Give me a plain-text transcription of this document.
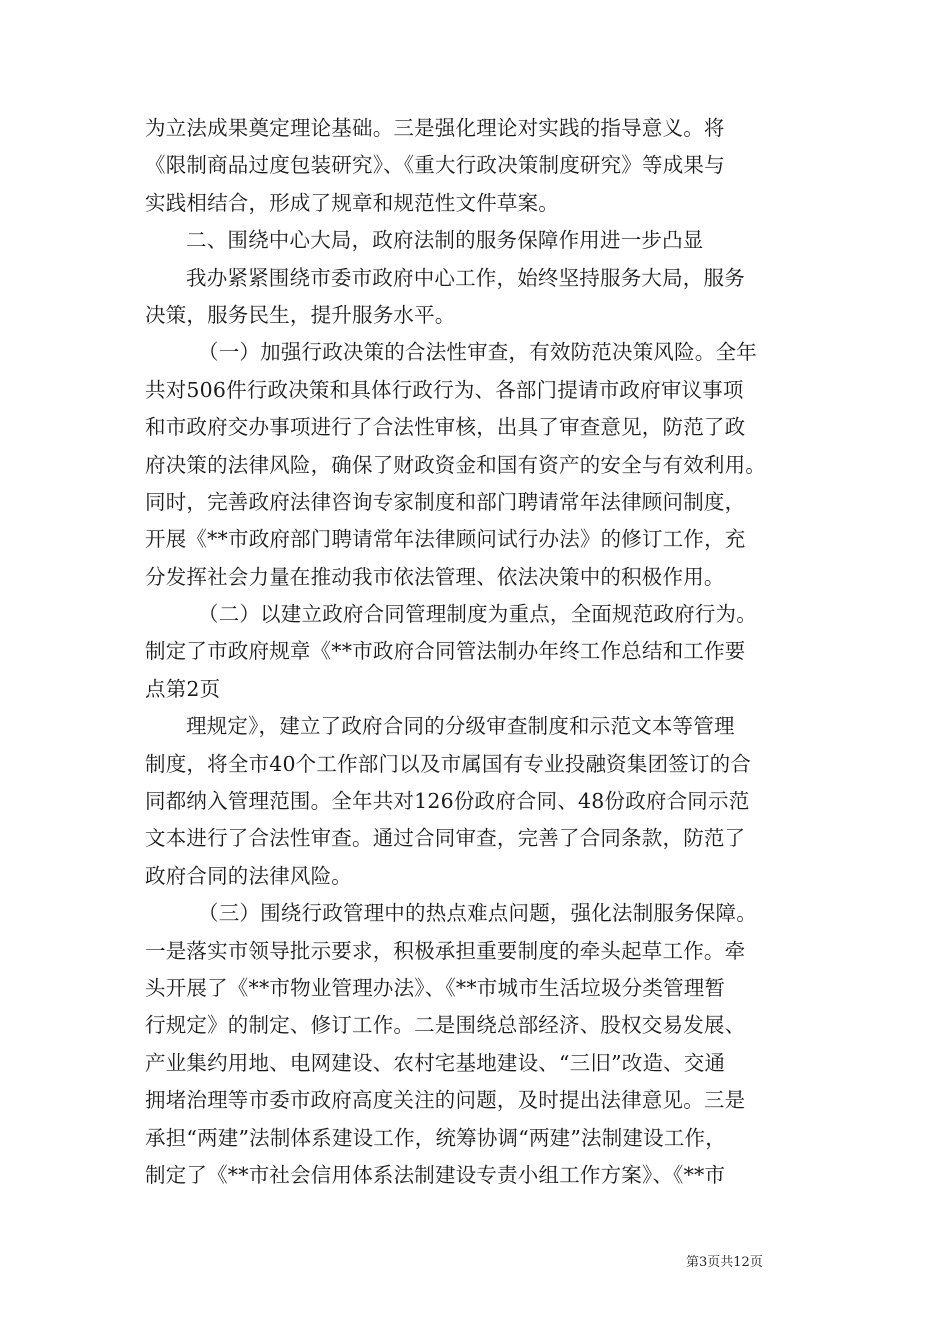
为立法成果奠定理论基础。三是强化理论对实践的指导意义。将
《限制商品过度包装研究》、《重大行政决策制度研究》等成果与
实践相结合，形成了规章和规范性文件草案。
二、围绕中心大局，政府法制的服务保障作用进一步凸显
我办紧紧围绕市委市政府中心工作，始终坚持服务大局，服务
决策，服务民生，提升服务水平。
（一）加强行政决策的合法性审查，有效防范决策风险。全年
共对506件行政决策和具体行政行为、各部门提请市政府审议事项
和市政府交办事项进行了合法性审核，出具了审查意见，防范了政
府决策的法律风险，确保了财政资金和国有资产的安全与有效利用。
同时，完善政府法律咨询专家制度和部门聘请常年法律顾问制度，
开展《**市政府部门聘请常年法律顾问试行办法》的修订工作，充
分发挥社会力量在推动我市依法管理、依法决策中的积极作用。
（二）以建立政府合同管理制度为重点，全面规范政府行为。
制定了市政府规章《**市政府合同管法制办年终工作总结和工作要
点第2页
理规定》，建立了政府合同的分级审查制度和示范文本等管理
制度，将全市40个工作部门以及市属国有专业投融资集团签订的合
同都纳入管理范围。全年共对126份政府合同、48份政府合同示范
文本进行了合法性审查。通过合同审查，完善了合同条款，防范了
政府合同的法律风险。
（三）围绕行政管理中的热点难点问题，强化法制服务保障。
一是落实市领导批示要求，积极承担重要制度的牵头起草工作。牵
头开展了《**市物业管理办法》、《**市城市生活垃圾分类管理暂
行规定》的制定、修订工作。二是围绕总部经济、股权交易发展、
产业集约用地、电网建设、农村宅基地建设、“三旧”改造、交通
拥堵治理等市委市政府高度关注的问题，及时提出法律意见。三是
承担“两建”法制体系建设工作，统筹协调“两建”法制建设工作，
制定了《**市社会信用体系法制建设专责小组工作方案》、《**市
第3页共12页
